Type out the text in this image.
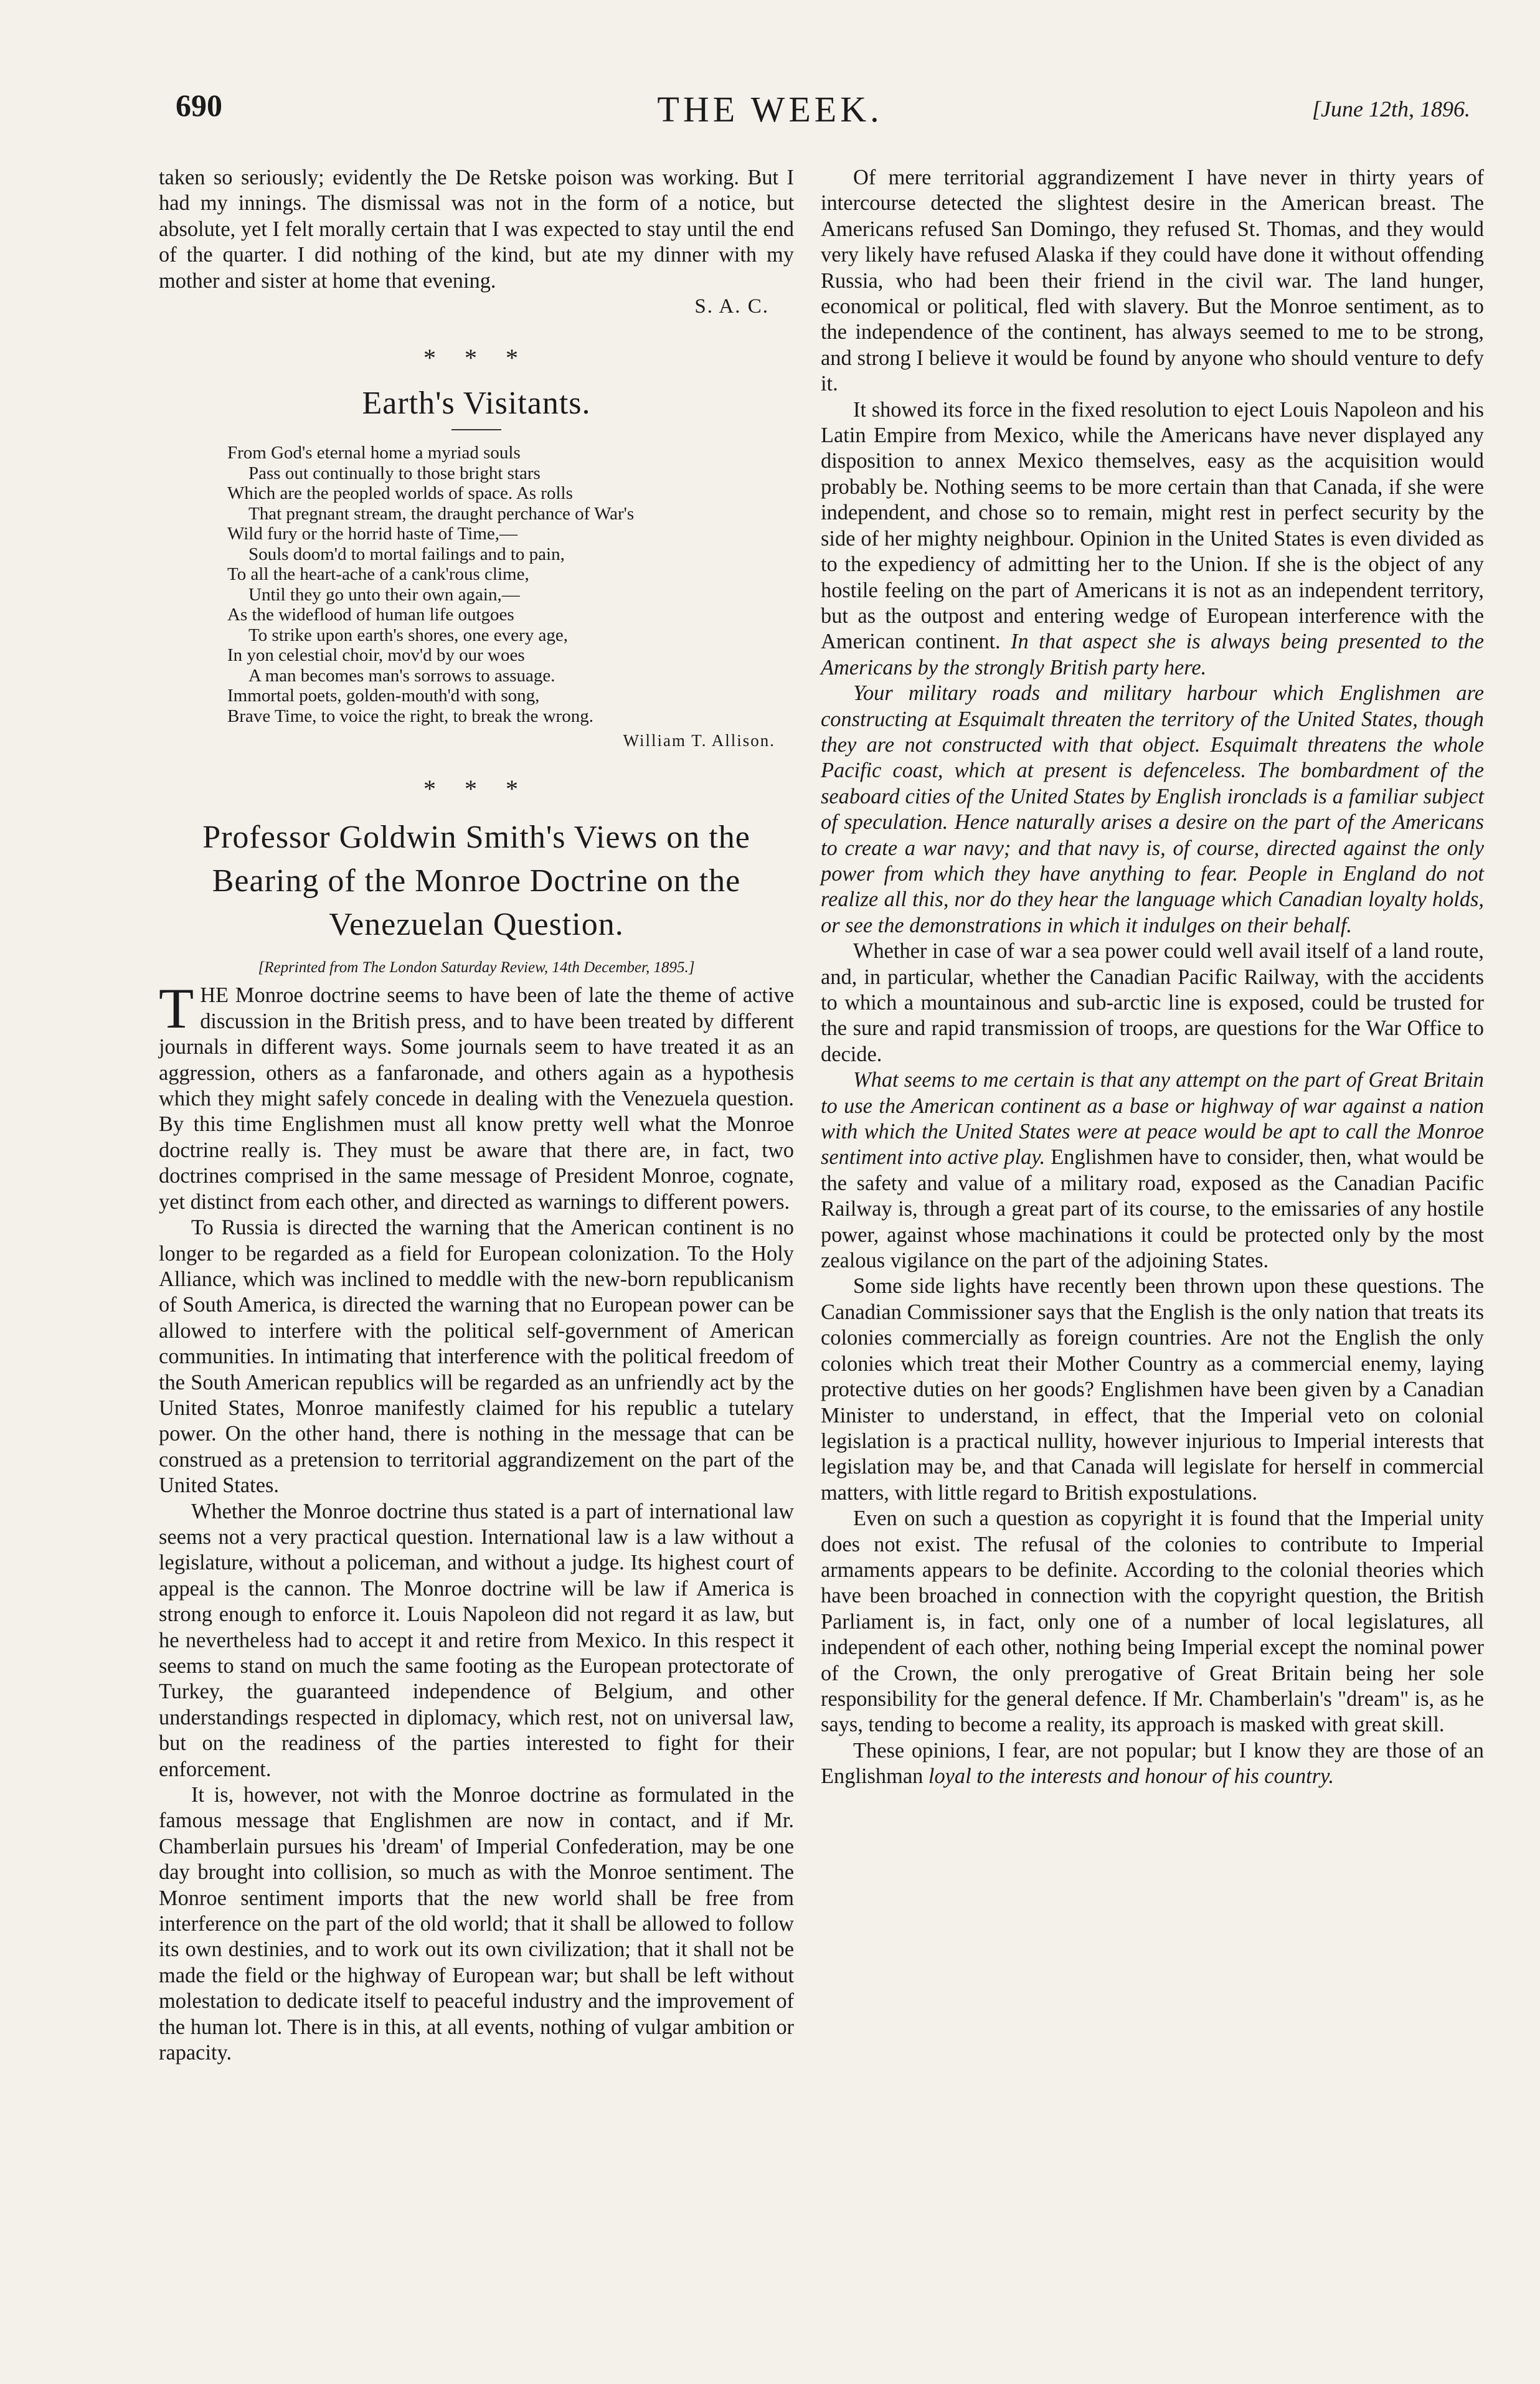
690	THE WEEK.	[June 12th, 1896.

taken so seriously; evidently the De Retske poison was working. But I had my innings. The dismissal was not in the form of a notice, but absolute, yet I felt morally certain that I was expected to stay until the end of the quarter. I did nothing of the kind, but ate my dinner with my mother and sister at home that evening.

S. A. C.

* * *
Earth's Visitants.
From God's eternal home a myriad souls
Pass out continually to those bright stars
Which are the peopled worlds of space. As rolls
That pregnant stream, the draught perchance of War's
Wild fury or the horrid haste of Time,—
Souls doom'd to mortal failings and to pain,
To all the heart-ache of a cank'rous clime,
Until they go unto their own again,—
As the wideflood of human life outgoes
To strike upon earth's shores, one every age,
In yon celestial choir, mov'd by our woes
A man becomes man's sorrows to assuage.
Immortal poets, golden-mouth'd with song,
Brave Time, to voice the right, to break the wrong.
William T. Allison.
* * *
Professor Goldwin Smith's Views on the Bearing of the Monroe Doctrine on the Venezuelan Question.
[Reprinted from The London Saturday Review, 14th December, 1895.]

THE Monroe doctrine seems to have been of late the theme of active discussion in the British press, and to have been treated by different journals in different ways. Some journals seem to have treated it as an aggression, others as a fanfaronade, and others again as a hypothesis which they might safely concede in dealing with the Venezuela question. By this time Englishmen must all know pretty well what the Monroe doctrine really is. They must be aware that there are, in fact, two doctrines comprised in the same message of President Monroe, cognate, yet distinct from each other, and directed as warnings to different powers.

To Russia is directed the warning that the American continent is no longer to be regarded as a field for European colonization. To the Holy Alliance, which was inclined to meddle with the new-born republicanism of South America, is directed the warning that no European power can be allowed to interfere with the political self-government of American communities. In intimating that interference with the political freedom of the South American republics will be regarded as an unfriendly act by the United States, Monroe manifestly claimed for his republic a tutelary power. On the other hand, there is nothing in the message that can be construed as a pretension to territorial aggrandizement on the part of the United States.

Whether the Monroe doctrine thus stated is a part of international law seems not a very practical question. International law is a law without a legislature, without a policeman, and without a judge. Its highest court of appeal is the cannon. The Monroe doctrine will be law if America is strong enough to enforce it. Louis Napoleon did not regard it as law, but he nevertheless had to accept it and retire from Mexico. In this respect it seems to stand on much the same footing as the European protectorate of Turkey, the guaranteed independence of Belgium, and other understandings respected in diplomacy, which rest, not on universal law, but on the readiness of the parties interested to fight for their enforcement.

It is, however, not with the Monroe doctrine as formulated in the famous message that Englishmen are now in contact, and if Mr. Chamberlain pursues his 'dream' of Imperial Confederation, may be one day brought into collision, so much as with the Monroe sentiment. The Monroe sentiment imports that the new world shall be free from interference on the part of the old world; that it shall be allowed to follow its own destinies, and to work out its own civilization; that it shall not be made the field or the highway of European war; but shall be left without molestation to dedicate itself to peaceful industry and the improvement of the human lot. There is in this, at all events, nothing of vulgar ambition or rapacity.

Of mere territorial aggrandizement I have never in thirty years of intercourse detected the slightest desire in the American breast. The Americans refused San Domingo, they refused St. Thomas, and they would very likely have refused Alaska if they could have done it without offending Russia, who had been their friend in the civil war. The land hunger, economical or political, fled with slavery. But the Monroe sentiment, as to the independence of the continent, has always seemed to me to be strong, and strong I believe it would be found by anyone who should venture to defy it.

It showed its force in the fixed resolution to eject Louis Napoleon and his Latin Empire from Mexico, while the Americans have never displayed any disposition to annex Mexico themselves, easy as the acquisition would probably be. Nothing seems to be more certain than that Canada, if she were independent, and chose so to remain, might rest in perfect security by the side of her mighty neighbour. Opinion in the United States is even divided as to the expediency of admitting her to the Union. If she is the object of any hostile feeling on the part of Americans it is not as an independent territory, but as the outpost and entering wedge of European interference with the American continent. In that aspect she is always being presented to the Americans by the strongly British party here.

Your military roads and military harbour which Englishmen are constructing at Esquimalt threaten the territory of the United States, though they are not constructed with that object. Esquimalt threatens the whole Pacific coast, which at present is defenceless. The bombardment of the seaboard cities of the United States by English ironclads is a familiar subject of speculation. Hence naturally arises a desire on the part of the Americans to create a war navy; and that navy is, of course, directed against the only power from which they have anything to fear. People in England do not realize all this, nor do they hear the language which Canadian loyalty holds, or see the demonstrations in which it indulges on their behalf.

Whether in case of war a sea power could well avail itself of a land route, and, in particular, whether the Canadian Pacific Railway, with the accidents to which a mountainous and sub-arctic line is exposed, could be trusted for the sure and rapid transmission of troops, are questions for the War Office to decide.

What seems to me certain is that any attempt on the part of Great Britain to use the American continent as a base or highway of war against a nation with which the United States were at peace would be apt to call the Monroe sentiment into active play. Englishmen have to consider, then, what would be the safety and value of a military road, exposed as the Canadian Pacific Railway is, through a great part of its course, to the emissaries of any hostile power, against whose machinations it could be protected only by the most zealous vigilance on the part of the adjoining States.

Some side lights have recently been thrown upon these questions. The Canadian Commissioner says that the English is the only nation that treats its colonies commercially as foreign countries. Are not the English the only colonies which treat their Mother Country as a commercial enemy, laying protective duties on her goods? Englishmen have been given by a Canadian Minister to understand, in effect, that the Imperial veto on colonial legislation is a practical nullity, however injurious to Imperial interests that legislation may be, and that Canada will legislate for herself in commercial matters, with little regard to British expostulations.

Even on such a question as copyright it is found that the Imperial unity does not exist. The refusal of the colonies to contribute to Imperial armaments appears to be definite. According to the colonial theories which have been broached in connection with the copyright question, the British Parliament is, in fact, only one of a number of local legislatures, all independent of each other, nothing being Imperial except the nominal power of the Crown, the only prerogative of Great Britain being her sole responsibility for the general defence. If Mr. Chamberlain's "dream" is, as he says, tending to become a reality, its approach is masked with great skill.

These opinions, I fear, are not popular; but I know they are those of an Englishman loyal to the interests and honour of his country.
